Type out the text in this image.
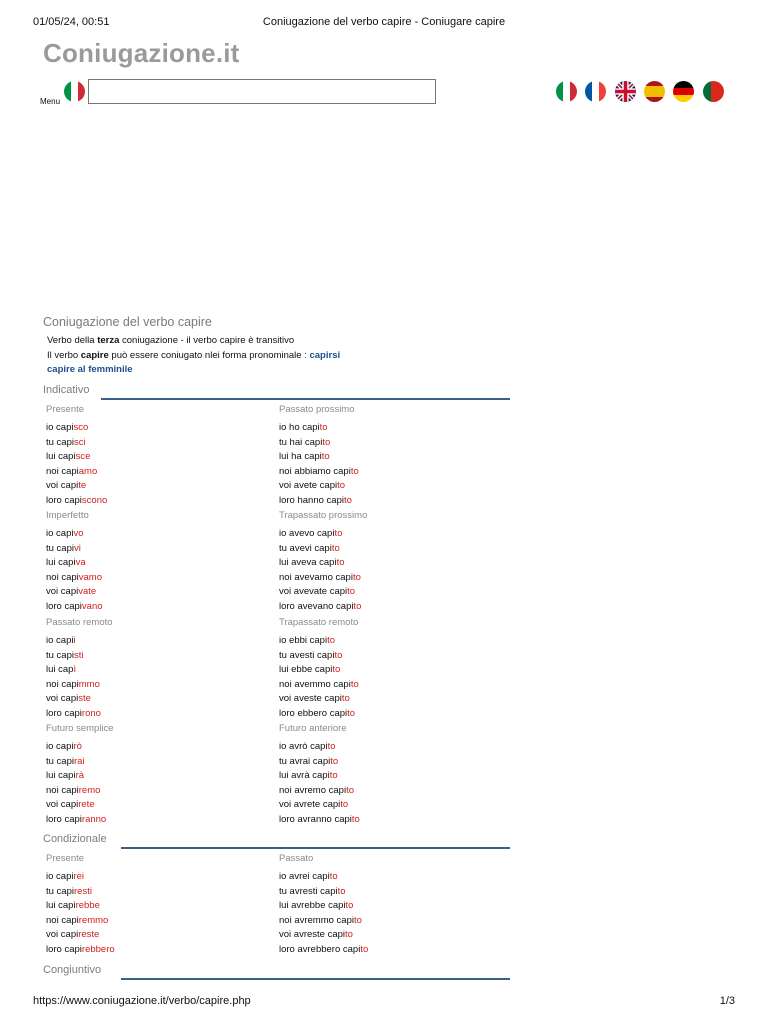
01/05/24, 00:51	Coniugazione del verbo capire - Coniugare capire
Coniugazione.it
Menu
Coniugazione del verbo capire
Verbo della terza coniugazione - il verbo capire è transitivo
Il verbo capire può essere coniugato nlei forma pronominale : capirsi
capire al femminile
Indicativo
Presente
io capisco
tu capisci
lui capisce
noi capiamo
voi capite
loro capiscono
Passato prossimo
io ho capito
tu hai capito
lui ha capito
noi abbiamo capito
voi avete capito
loro hanno capito
Imperfetto
io capivo
tu capivi
lui capiva
noi capivamo
voi capivate
loro capivano
Trapassato prossimo
io avevo capito
tu avevi capito
lui aveva capito
noi avevamo capito
voi avevate capito
loro avevano capito
Passato remoto
io capii
tu capisti
lui capì
noi capimmo
voi capiste
loro capirono
Trapassato remoto
io ebbi capito
tu avesti capito
lui ebbe capito
noi avemmo capito
voi aveste capito
loro ebbero capito
Futuro semplice
io capirò
tu capirai
lui capirà
noi capiremo
voi capirete
loro capiranno
Futuro anteriore
io avrò capito
tu avrai capito
lui avrà capito
noi avremo capito
voi avrete capito
loro avranno capito
Condizionale
Presente
io capirei
tu capiresti
lui capirebbe
noi capiremmo
voi capireste
loro capirebbero
Passato
io avrei capito
tu avresti capito
lui avrebbe capito
noi avremmo capito
voi avreste capito
loro avrebbero capito
Congiuntivo
https://www.coniugazione.it/verbo/capire.php	1/3
